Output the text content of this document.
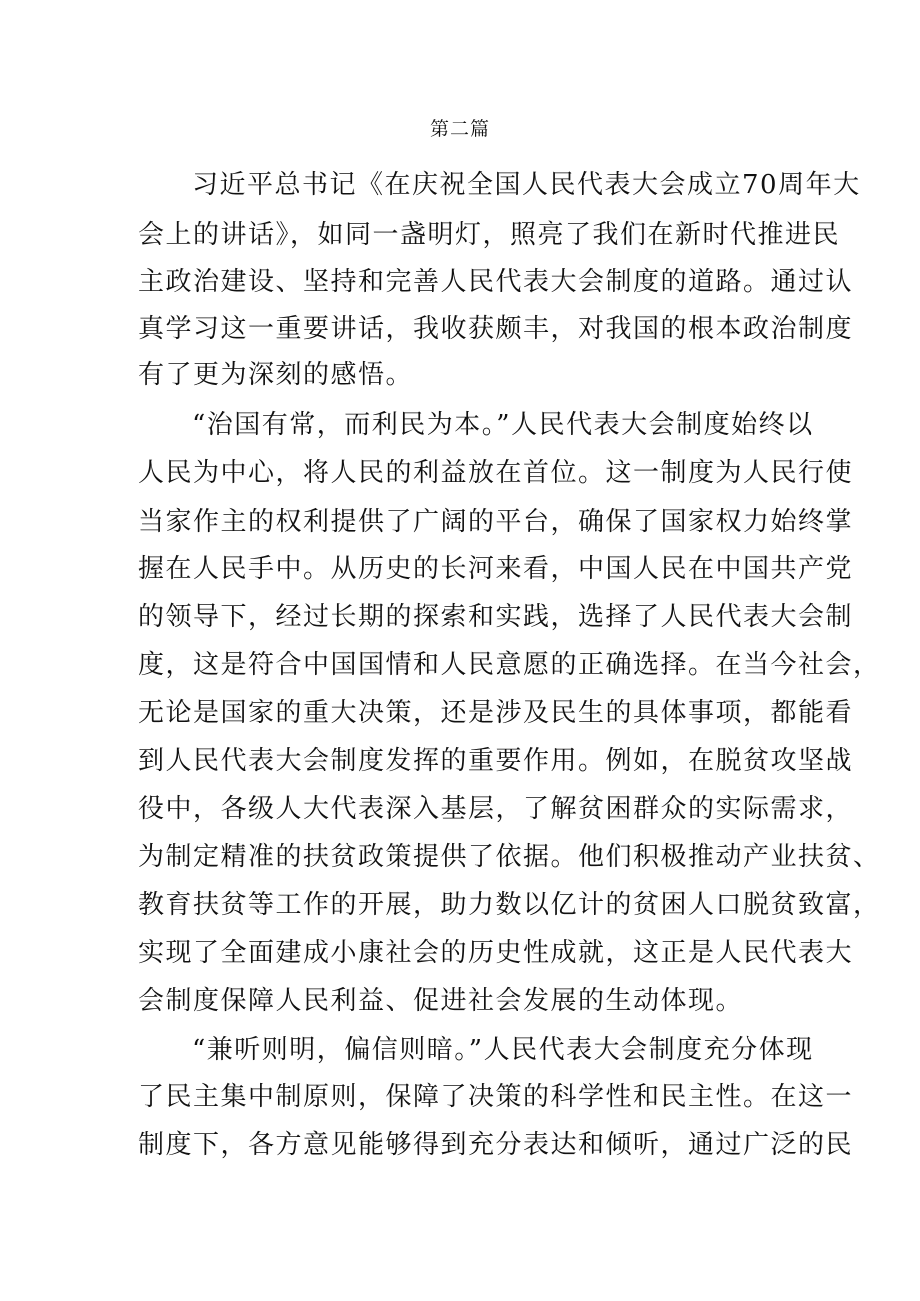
第二篇
习近平总书记《在庆祝全国人民代表大会成立70周年大
会上的讲话》，如同一盏明灯，照亮了我们在新时代推进民
主政治建设、坚持和完善人民代表大会制度的道路。通过认
真学习这一重要讲话，我收获颇丰，对我国的根本政治制度
有了更为深刻的感悟。
“治国有常，而利民为本。”人民代表大会制度始终以
人民为中心，将人民的利益放在首位。这一制度为人民行使
当家作主的权利提供了广阔的平台，确保了国家权力始终掌
握在人民手中。从历史的长河来看，中国人民在中国共产党
的领导下，经过长期的探索和实践，选择了人民代表大会制
度，这是符合中国国情和人民意愿的正确选择。在当今社会，
无论是国家的重大决策，还是涉及民生的具体事项，都能看
到人民代表大会制度发挥的重要作用。例如，在脱贫攻坚战
役中，各级人大代表深入基层，了解贫困群众的实际需求，
为制定精准的扶贫政策提供了依据。他们积极推动产业扶贫、
教育扶贫等工作的开展，助力数以亿计的贫困人口脱贫致富，
实现了全面建成小康社会的历史性成就，这正是人民代表大
会制度保障人民利益、促进社会发展的生动体现。
“兼听则明，偏信则暗。”人民代表大会制度充分体现
了民主集中制原则，保障了决策的科学性和民主性。在这一
制度下，各方意见能够得到充分表达和倾听，通过广泛的民
